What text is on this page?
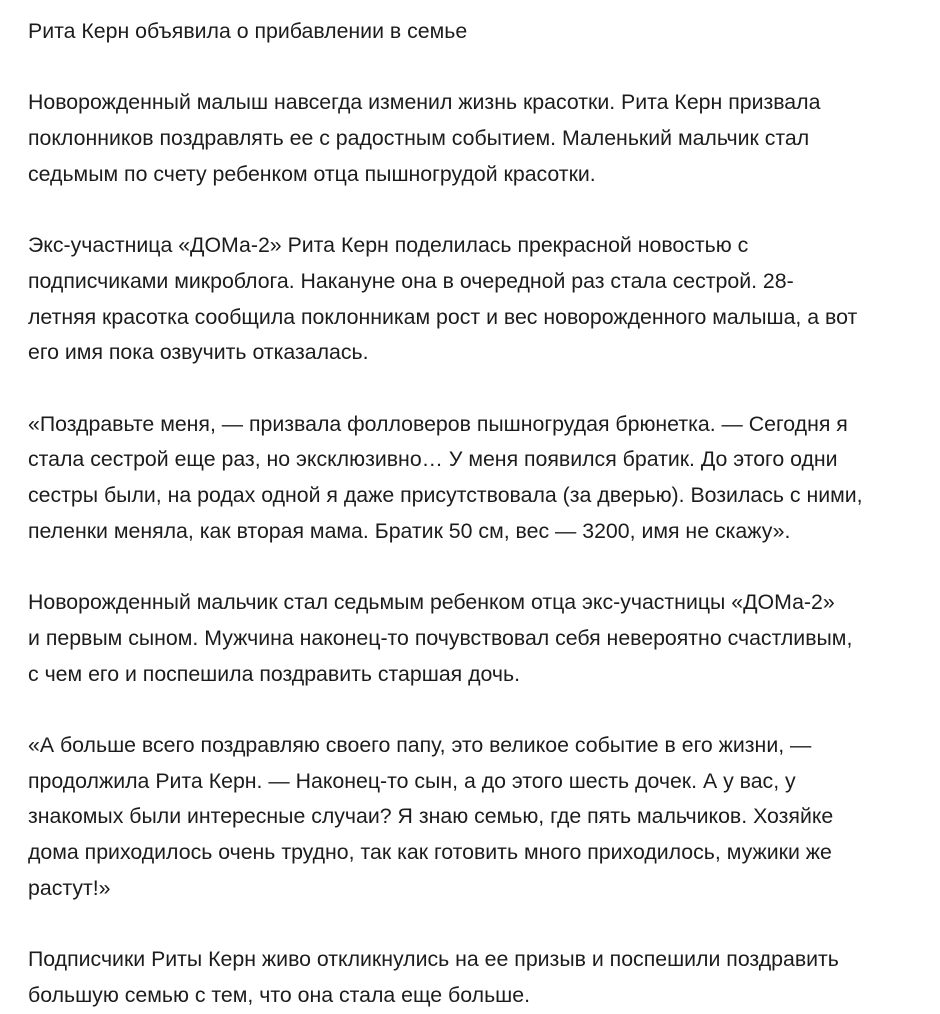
Рита Керн объявила о прибавлении в семье

Новорожденный малыш навсегда изменил жизнь красотки. Рита Керн призвала
поклонников поздравлять ее с радостным событием. Маленький мальчик стал
седьмым по счету ребенком отца пышногрудой красотки.

Экс-участница «ДОМа-2» Рита Керн поделилась прекрасной новостью с
подписчиками микроблога. Накануне она в очередной раз стала сестрой. 28-
летняя красотка сообщила поклонникам рост и вес новорожденного малыша, а вот
его имя пока озвучить отказалась.

«Поздравьте меня, — призвала фолловеров пышногрудая брюнетка. — Сегодня я
стала сестрой еще раз, но эксклюзивно… У меня появился братик. До этого одни
сестры были, на родах одной я даже присутствовала (за дверью). Возилась с ними,
пеленки меняла, как вторая мама. Братик 50 см, вес — 3200, имя не скажу».

Новорожденный мальчик стал седьмым ребенком отца экс-участницы «ДОМа-2»
и первым сыном. Мужчина наконец-то почувствовал себя невероятно счастливым,
с чем его и поспешила поздравить старшая дочь.

«А больше всего поздравляю своего папу, это великое событие в его жизни, —
продолжила Рита Керн. — Наконец-то сын, а до этого шесть дочек. А у вас, у
знакомых были интересные случаи? Я знаю семью, где пять мальчиков. Хозяйке
дома приходилось очень трудно, так как готовить много приходилось, мужики же
растут!»

Подписчики Риты Керн живо откликнулись на ее призыв и поспешили поздравить
большую семью с тем, что она стала еще больше.
